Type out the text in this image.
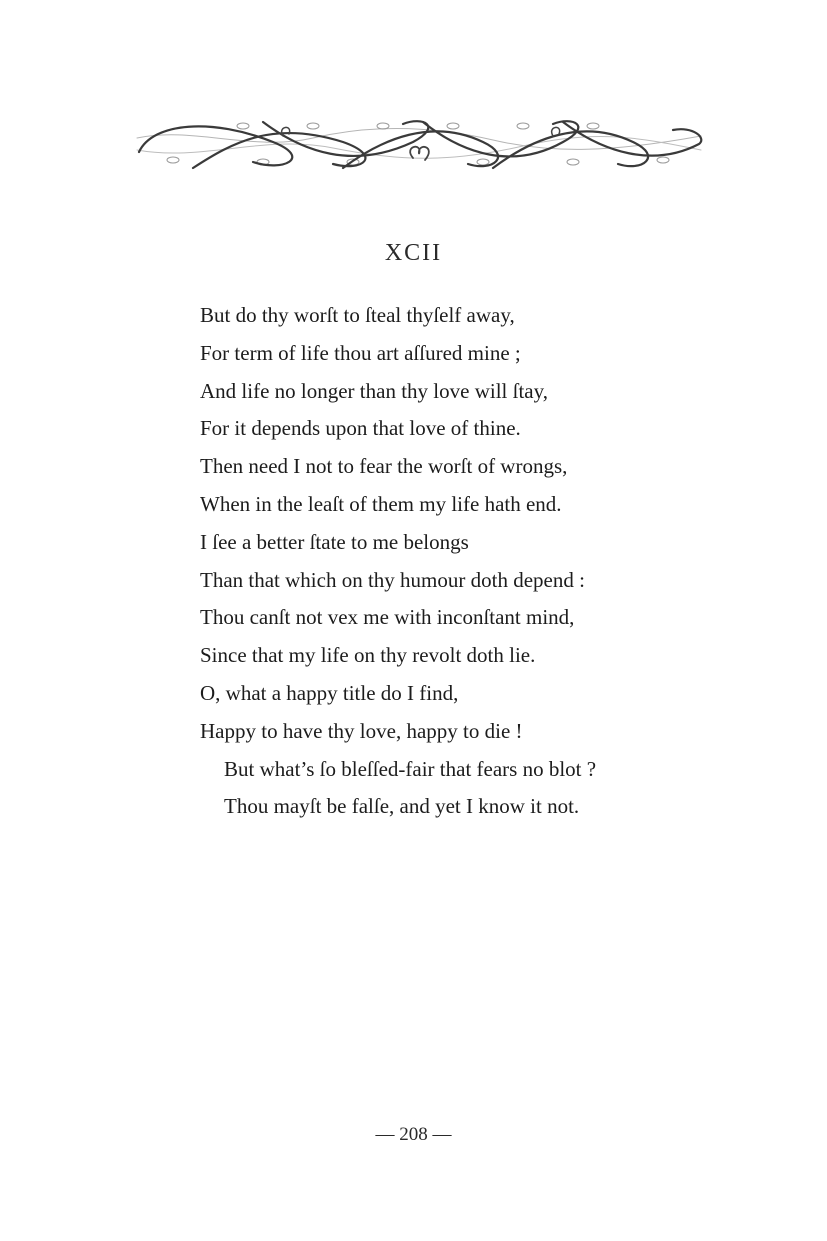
XCII
But do thy worſt to ſteal thyſelf away,
For term of life thou art aſſured mine ;
And life no longer than thy love will ſtay,
For it depends upon that love of thine.
Then need I not to fear the worſt of wrongs,
When in the leaſt of them my life hath end.
I ſee a better ſtate to me belongs
Than that which on thy humour doth depend :
Thou canſt not vex me with inconſtant mind,
Since that my life on thy revolt doth lie.
O, what a happy title do I find,
Happy to have thy love, happy to die !
But what’s ſo bleſſed-fair that fears no blot ?
Thou mayſt be falſe, and yet I know it not.
— 208 —
